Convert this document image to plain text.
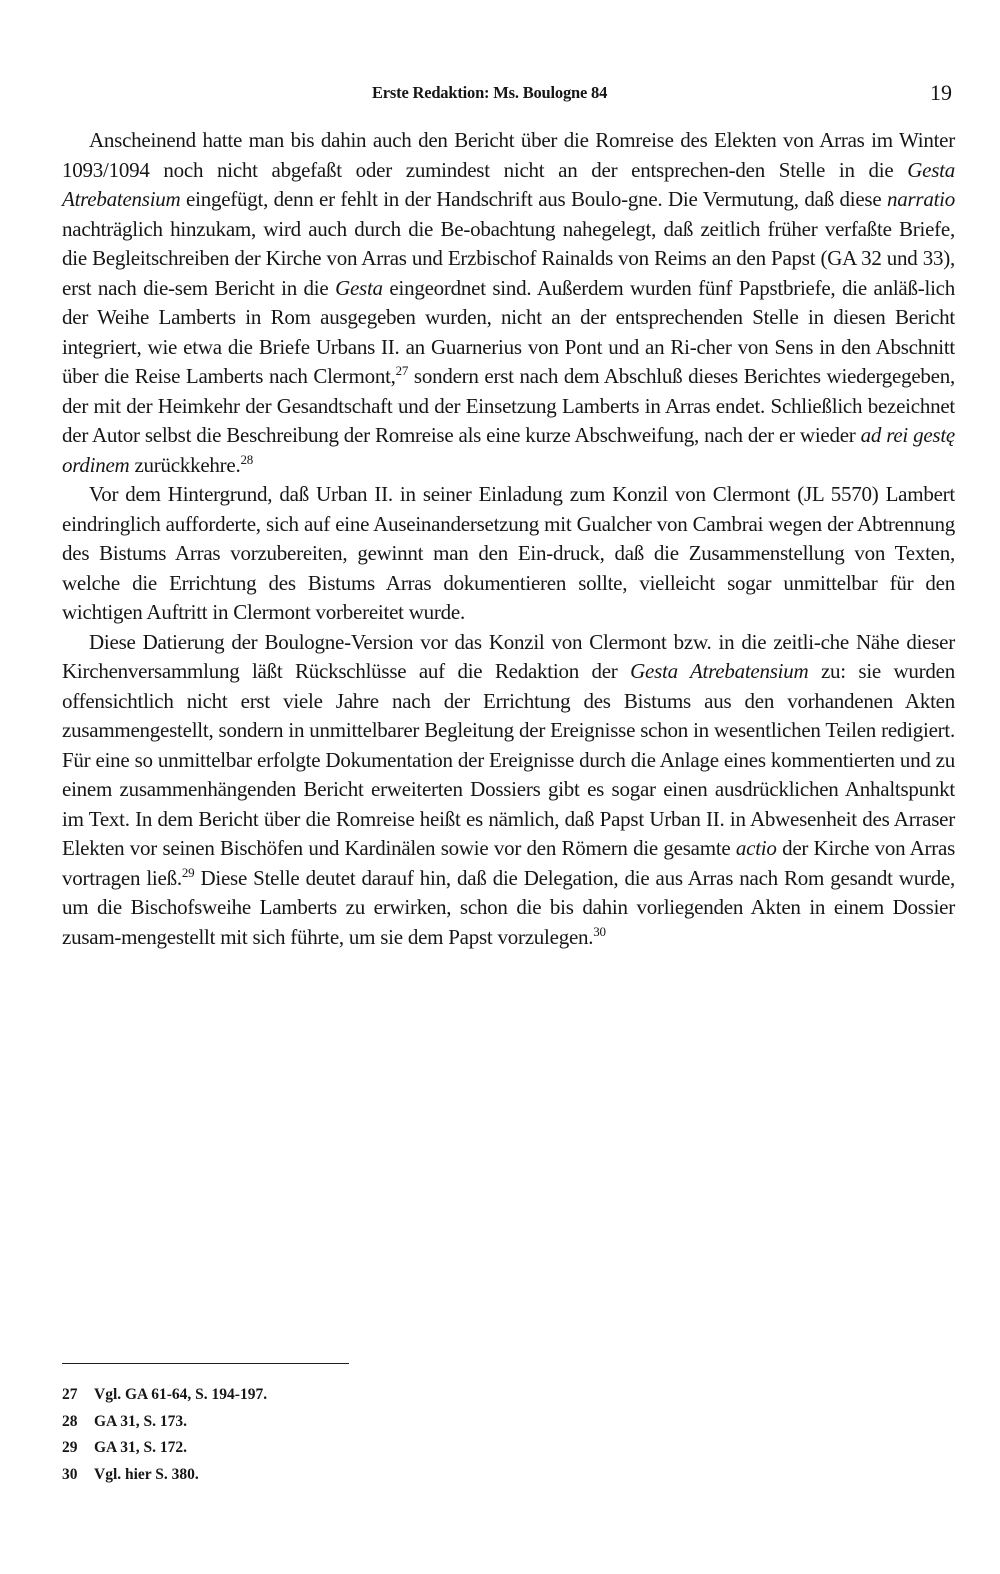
Erste Redaktion: Ms. Boulogne 84	19

Anscheinend hatte man bis dahin auch den Bericht über die Romreise des Elekten von Arras im Winter 1093/1094 noch nicht abgefaßt oder zumindest nicht an der entsprechen-den Stelle in die Gesta Atrebatensium eingefügt, denn er fehlt in der Handschrift aus Boulo-gne. Die Vermutung, daß diese narratio nachträglich hinzukam, wird auch durch die Be-obachtung nahegelegt, daß zeitlich früher verfaßte Briefe, die Begleitschreiben der Kirche von Arras und Erzbischof Rainalds von Reims an den Papst (GA 32 und 33), erst nach die-sem Bericht in die Gesta eingeordnet sind. Außerdem wurden fünf Papstbriefe, die anläß-lich der Weihe Lamberts in Rom ausgegeben wurden, nicht an der entsprechenden Stelle in diesen Bericht integriert, wie etwa die Briefe Urbans II. an Guarnerius von Pont und an Ri-cher von Sens in den Abschnitt über die Reise Lamberts nach Clermont,$^{27}$ sondern erst nach dem Abschluß dieses Berichtes wiedergegeben, der mit der Heimkehr der Gesandtschaft und der Einsetzung Lamberts in Arras endet. Schließlich bezeichnet der Autor selbst die Beschreibung der Romreise als eine kurze Abschweifung, nach der er wieder ad rei gestę ordinem zurückkehre.$^{28}$

Vor dem Hintergrund, daß Urban II. in seiner Einladung zum Konzil von Clermont (JL 5570) Lambert eindringlich aufforderte, sich auf eine Auseinandersetzung mit Gualcher von Cambrai wegen der Abtrennung des Bistums Arras vorzubereiten, gewinnt man den Ein-druck, daß die Zusammenstellung von Texten, welche die Errichtung des Bistums Arras dokumentieren sollte, vielleicht sogar unmittelbar für den wichtigen Auftritt in Clermont vorbereitet wurde.

Diese Datierung der Boulogne-Version vor das Konzil von Clermont bzw. in die zeitli-che Nähe dieser Kirchenversammlung läßt Rückschlüsse auf die Redaktion der Gesta Atrebatensium zu: sie wurden offensichtlich nicht erst viele Jahre nach der Errichtung des Bistums aus den vorhandenen Akten zusammengestellt, sondern in unmittelbarer Begleitung der Ereignisse schon in wesentlichen Teilen redigiert. Für eine so unmittelbar erfolgte Dokumentation der Ereignisse durch die Anlage eines kommentierten und zu einem zusammenhängenden Bericht erweiterten Dossiers gibt es sogar einen ausdrücklichen Anhaltspunkt im Text. In dem Bericht über die Romreise heißt es nämlich, daß Papst Urban II. in Abwesenheit des Arraser Elekten vor seinen Bischöfen und Kardinälen sowie vor den Römern die gesamte actio der Kirche von Arras vortragen ließ.$^{29}$ Diese Stelle deutet darauf hin, daß die Delegation, die aus Arras nach Rom gesandt wurde, um die Bischofsweihe Lamberts zu erwirken, schon die bis dahin vorliegenden Akten in einem Dossier zusam-mengestellt mit sich führte, um sie dem Papst vorzulegen.$^{30}$

27 Vgl. GA 61-64, S. 194-197.
28 GA 31, S. 173.
29 GA 31, S. 172.
30 Vgl. hier S. 380.
